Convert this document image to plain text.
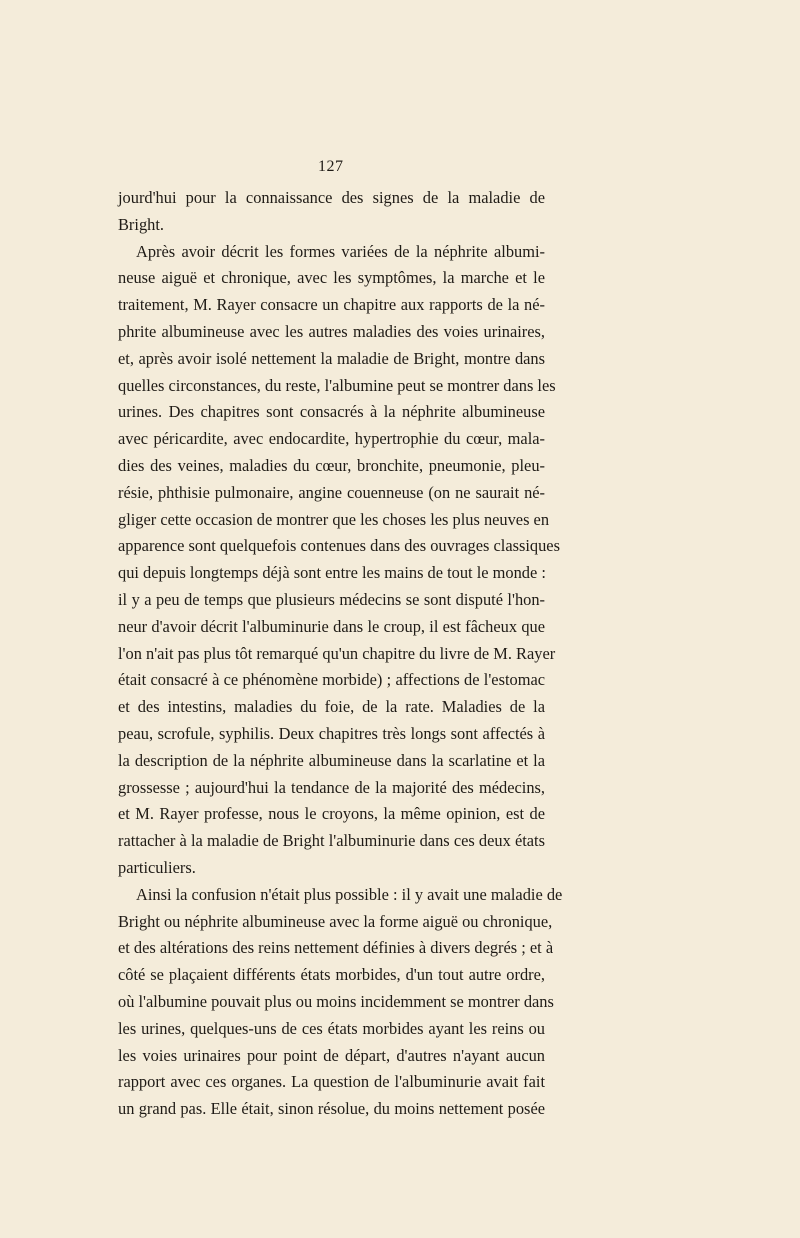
127
jourd'hui pour la connaissance des signes de la maladie de
Bright.
Après avoir décrit les formes variées de la néphrite albumi-
neuse aiguë et chronique, avec les symptômes, la marche et le
traitement, M. Rayer consacre un chapitre aux rapports de la né-
phrite albumineuse avec les autres maladies des voies urinaires,
et, après avoir isolé nettement la maladie de Bright, montre dans
quelles circonstances, du reste, l'albumine peut se montrer dans les
urines. Des chapitres sont consacrés à la néphrite albumineuse
avec péricardite, avec endocardite, hypertrophie du cœur, mala-
dies des veines, maladies du cœur, bronchite, pneumonie, pleu-
résie, phthisie pulmonaire, angine couenneuse (on ne saurait né-
gliger cette occasion de montrer que les choses les plus neuves en
apparence sont quelquefois contenues dans des ouvrages classiques
qui depuis longtemps déjà sont entre les mains de tout le monde :
il y a peu de temps que plusieurs médecins se sont disputé l'hon-
neur d'avoir décrit l'albuminurie dans le croup, il est fâcheux que
l'on n'ait pas plus tôt remarqué qu'un chapitre du livre de M. Rayer
était consacré à ce phénomène morbide) ; affections de l'estomac
et des intestins, maladies du foie, de la rate. Maladies de la
peau, scrofule, syphilis. Deux chapitres très longs sont affectés à
la description de la néphrite albumineuse dans la scarlatine et la
grossesse ; aujourd'hui la tendance de la majorité des médecins,
et M. Rayer professe, nous le croyons, la même opinion, est de
rattacher à la maladie de Bright l'albuminurie dans ces deux états
particuliers.
Ainsi la confusion n'était plus possible : il y avait une maladie de
Bright ou néphrite albumineuse avec la forme aiguë ou chronique,
et des altérations des reins nettement définies à divers degrés ; et à
côté se plaçaient différents états morbides, d'un tout autre ordre,
où l'albumine pouvait plus ou moins incidemment se montrer dans
les urines, quelques-uns de ces états morbides ayant les reins ou
les voies urinaires pour point de départ, d'autres n'ayant aucun
rapport avec ces organes. La question de l'albuminurie avait fait
un grand pas. Elle était, sinon résolue, du moins nettement posée
